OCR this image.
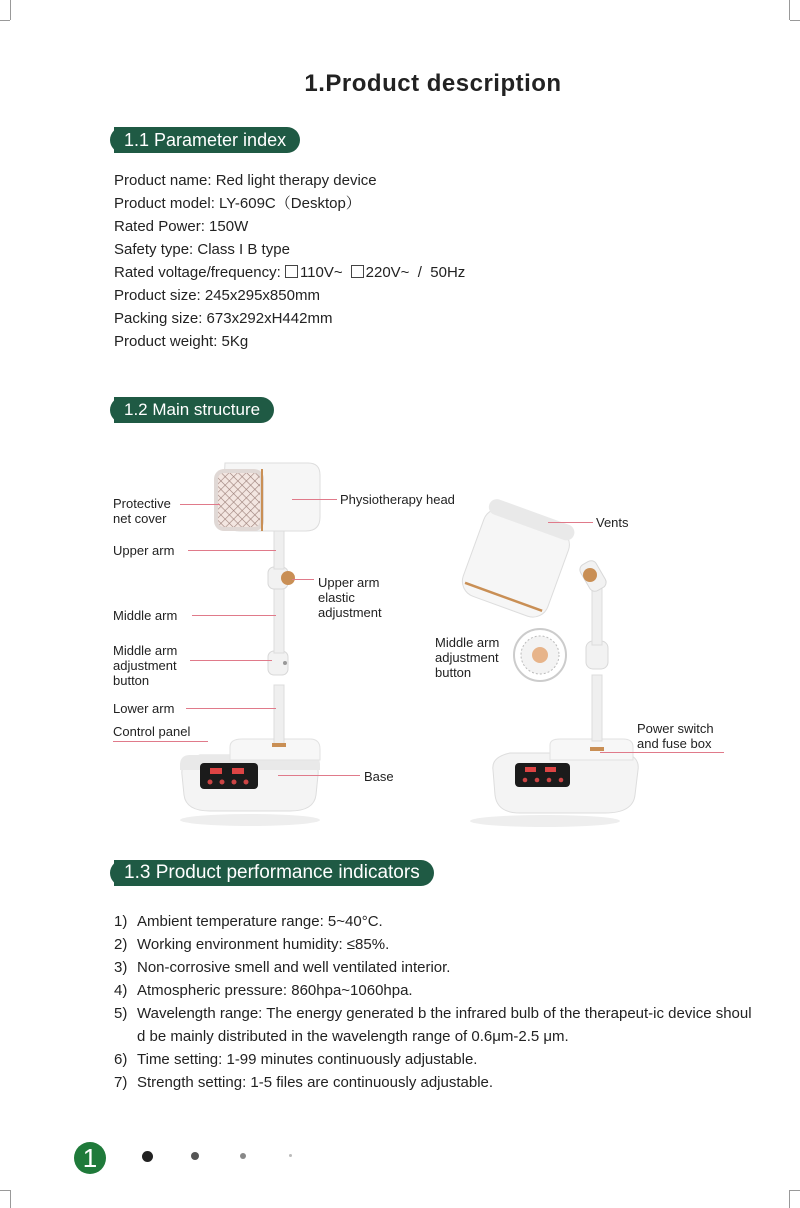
1.Product description
1.1 Parameter index
Product name: Red light therapy device
Product model: LY-609C（Desktop）
Rated Power: 150W
Safety type: Class I B type
Rated voltage/frequency: 110V~ 220V~  /  50Hz
Product size: 245x295x850mm
Packing size: 673x292xH442mm
Product weight: 5Kg
1.2 Main structure
Protective
net cover
Physiotherapy head
Vents
Upper arm
Upper arm
elastic
adjustment
Middle arm
Middle arm
adjustment
button
Middle arm
adjustment
button
Lower arm
Control panel
Base
Power switch
and fuse box
1.3 Product performance indicators
1) Ambient temperature range: 5~40°C.
2) Working environment humidity: ≤85%.
3) Non-corrosive smell and well ventilated interior.
4) Atmospheric pressure: 860hpa~1060hpa.
5) Wavelength range: The energy generated b the infrared bulb of the therapeut-ic device should be mainly distributed in the wavelength range of 0.6μm-2.5 μm.
6) Time setting: 1-99 minutes continuously adjustable.
7) Strength setting: 1-5 files are continuously adjustable.
1
